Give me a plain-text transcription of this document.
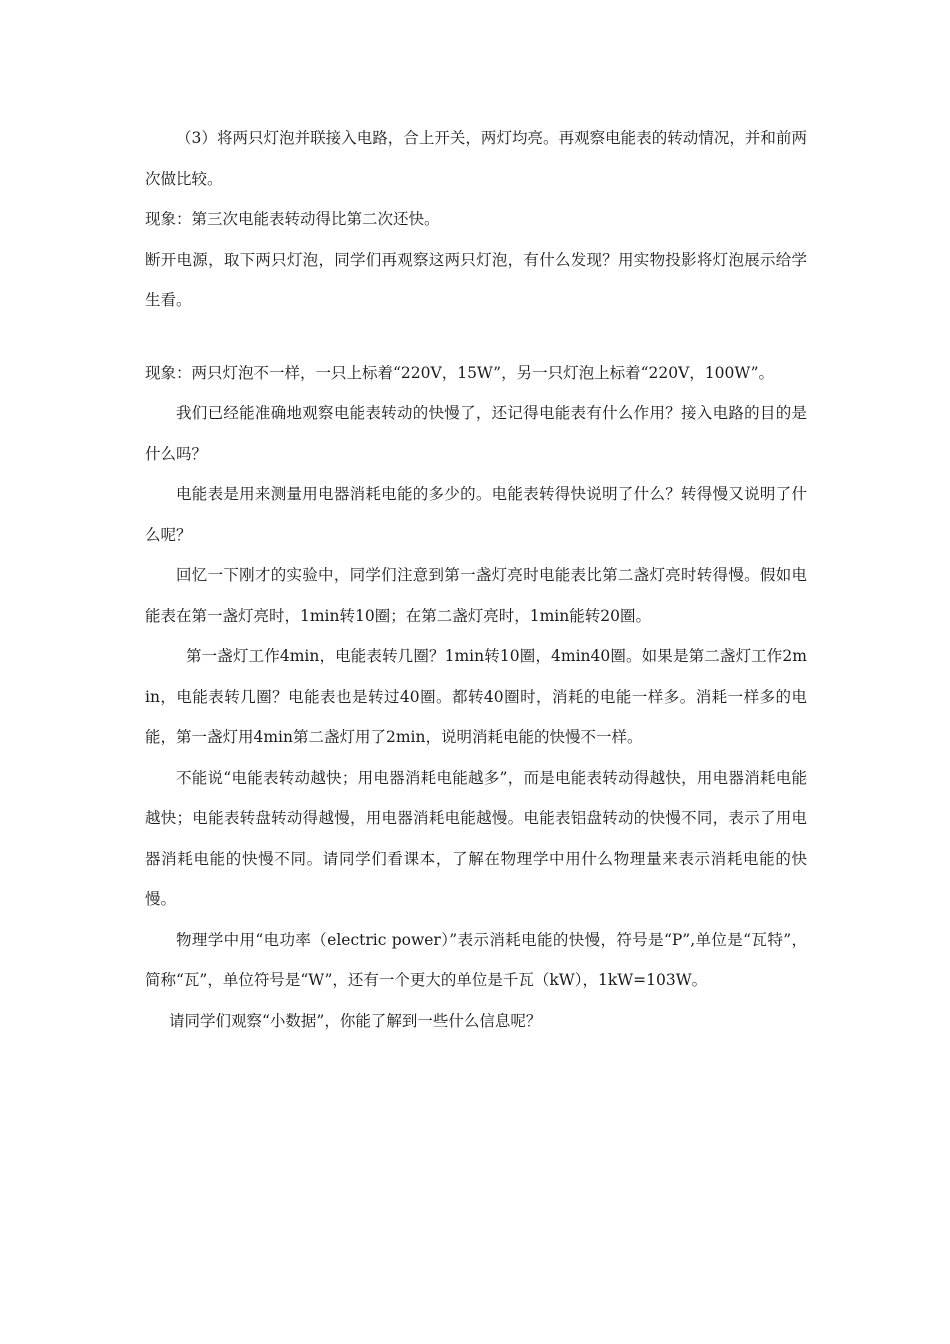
（3）将两只灯泡并联接入电路，合上开关，两灯均亮。再观察电能表的转动情况，并和前两次做比较。

现象：第三次电能表转动得比第二次还快。

断开电源，取下两只灯泡，同学们再观察这两只灯泡，有什么发现？用实物投影将灯泡展示给学生看。

现象：两只灯泡不一样，一只上标着“220V，15W”，另一只灯泡上标着“220V，100W”。

我们已经能准确地观察电能表转动的快慢了，还记得电能表有什么作用？接入电路的目的是什么吗？

电能表是用来测量用电器消耗电能的多少的。电能表转得快说明了什么？转得慢又说明了什么呢？

回忆一下刚才的实验中，同学们注意到第一盏灯亮时电能表比第二盏灯亮时转得慢。假如电能表在第一盏灯亮时，1min转10圈；在第二盏灯亮时，1min能转20圈。

第一盏灯工作4min，电能表转几圈？1min转10圈，4min40圈。如果是第二盏灯工作2min，电能表转几圈？电能表也是转过40圈。都转40圈时，消耗的电能一样多。消耗一样多的电能，第一盏灯用4min第二盏灯用了2min，说明消耗电能的快慢不一样。

不能说“电能表转动越快；用电器消耗电能越多”，而是电能表转动得越快，用电器消耗电能越快；电能表转盘转动得越慢，用电器消耗电能越慢。电能表铝盘转动的快慢不同，表示了用电器消耗电能的快慢不同。请同学们看课本，了解在物理学中用什么物理量来表示消耗电能的快慢。

物理学中用“电功率（electric power）”表示消耗电能的快慢，符号是“P”,单位是“瓦特”，简称“瓦”，单位符号是“W”，还有一个更大的单位是千瓦（kW），1kW=103W。

请同学们观察“小数据”，你能了解到一些什么信息呢？
